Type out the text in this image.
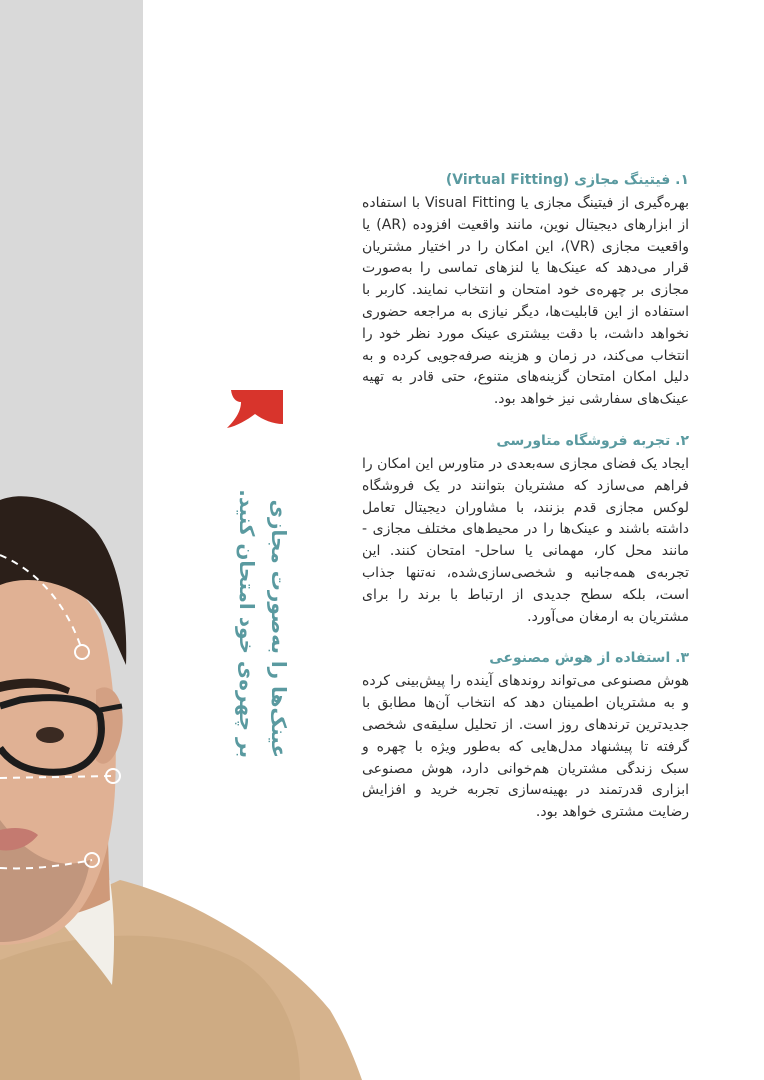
عینک‌ها را به‌صورت مجازی
بر چهره‌ی خود امتحان کنید.
۱. فیتینگ مجازی (Virtual Fitting)

بهره‌گیری از فیتینگ مجازی یا Visual Fitting با استفاده از ابزارهای دیجیتال نوین، مانند واقعیت افزوده (AR) یا واقعیت مجازی (VR)، این امکان را در اختیار مشتریان قرار می‌دهد که عینک‌ها یا لنزهای تماسی را به‌صورت مجازی بر چهره‌ی خود امتحان و انتخاب نمایند. کاربر با استفاده از این قابلیت‌ها، دیگر نیازی به مراجعه حضوری نخواهد داشت، با دقت بیشتری عینک مورد نظر خود را انتخاب می‌کند، در زمان و هزینه صرفه‌جویی کرده و به دلیل امکان امتحان گزینه‌های متنوع، حتی قادر به تهیه عینک‌های سفارشی نیز خواهد بود.

۲. تجربه فروشگاه متاورسی

ایجاد یک فضای مجازی سه‌بعدی در متاورس این امکان را فراهم می‌سازد که مشتریان بتوانند در یک فروشگاه لوکس مجازی قدم بزنند، با مشاوران دیجیتال تعامل داشته باشند و عینک‌ها را در محیط‌های مختلف مجازی - مانند محل کار، مهمانی یا ساحل- امتحان کنند. این تجربه‌ی همه‌جانبه و شخصی‌سازی‌شده، نه‌تنها جذاب است، بلکه سطح جدیدی از ارتباط با برند را برای مشتریان به ارمغان می‌آورد.

۳. استفاده از هوش مصنوعی

هوش مصنوعی می‌تواند روندهای آینده را پیش‌بینی کرده و به مشتریان اطمینان دهد که انتخاب آن‌ها مطابق با جدیدترین ترندهای روز است. از تحلیل سلیقه‌ی شخصی گرفته تا پیشنهاد مدل‌هایی که به‌طور ویژه با چهره و سبک زندگی مشتریان هم‌خوانی دارد، هوش مصنوعی ابزاری قدرتمند در بهینه‌سازی تجربه خرید و افزایش رضایت مشتری خواهد بود.
